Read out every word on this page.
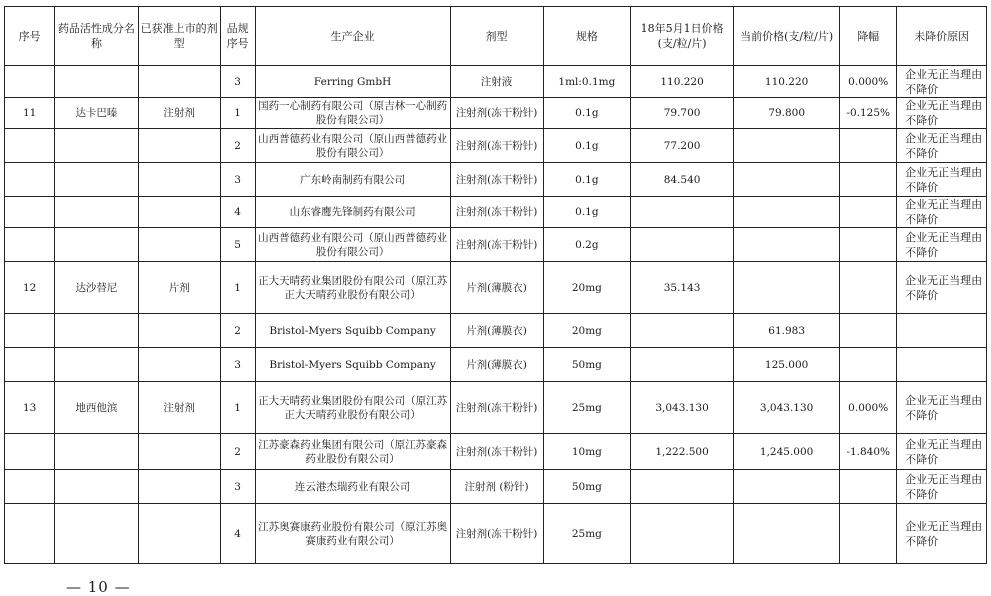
序号	药品活性成分名称	已获准上市的剂型	品规序号	生产企业	剂型	规格	18年5月1日价格(支/粒/片)	当前价格(支/粒/片)	降幅	未降价原因
			3	Ferring GmbH	注射液	1ml:0.1mg	110.220	110.220	0.000%	企业无正当理由不降价
11	达卡巴嗪	注射剂	1	国药一心制药有限公司（原吉林一心制药股份有限公司）	注射剂(冻干粉针)	0.1g	79.700	79.800	-0.125%	企业无正当理由不降价
			2	山西普德药业有限公司（原山西普德药业股份有限公司）	注射剂(冻干粉针)	0.1g	77.200			企业无正当理由不降价
			3	广东岭南制药有限公司	注射剂(冻干粉针)	0.1g	84.540			企业无正当理由不降价
			4	山东睿鹰先锋制药有限公司	注射剂(冻干粉针)	0.1g				企业无正当理由不降价
			5	山西普德药业有限公司（原山西普德药业股份有限公司）	注射剂(冻干粉针)	0.2g				企业无正当理由不降价
12	达沙替尼	片剂	1	正大天晴药业集团股份有限公司（原江苏正大天晴药业股份有限公司）	片剂(薄膜衣)	20mg	35.143			企业无正当理由不降价
			2	Bristol-Myers Squibb Company	片剂(薄膜衣)	20mg		61.983		
			3	Bristol-Myers Squibb Company	片剂(薄膜衣)	50mg		125.000		
13	地西他滨	注射剂	1	正大天晴药业集团股份有限公司（原江苏正大天晴药业股份有限公司）	注射剂(冻干粉针)	25mg	3,043.130	3,043.130	0.000%	企业无正当理由不降价
			2	江苏豪森药业集团有限公司（原江苏豪森药业股份有限公司）	注射剂(冻干粉针)	10mg	1,222.500	1,245.000	-1.840%	企业无正当理由不降价
			3	连云港杰瑞药业有限公司	注射剂 (粉针)	50mg				企业无正当理由不降价
			4	江苏奥赛康药业股份有限公司（原江苏奥赛康药业有限公司）	注射剂(冻干粉针)	25mg				企业无正当理由不降价
— 10 —
